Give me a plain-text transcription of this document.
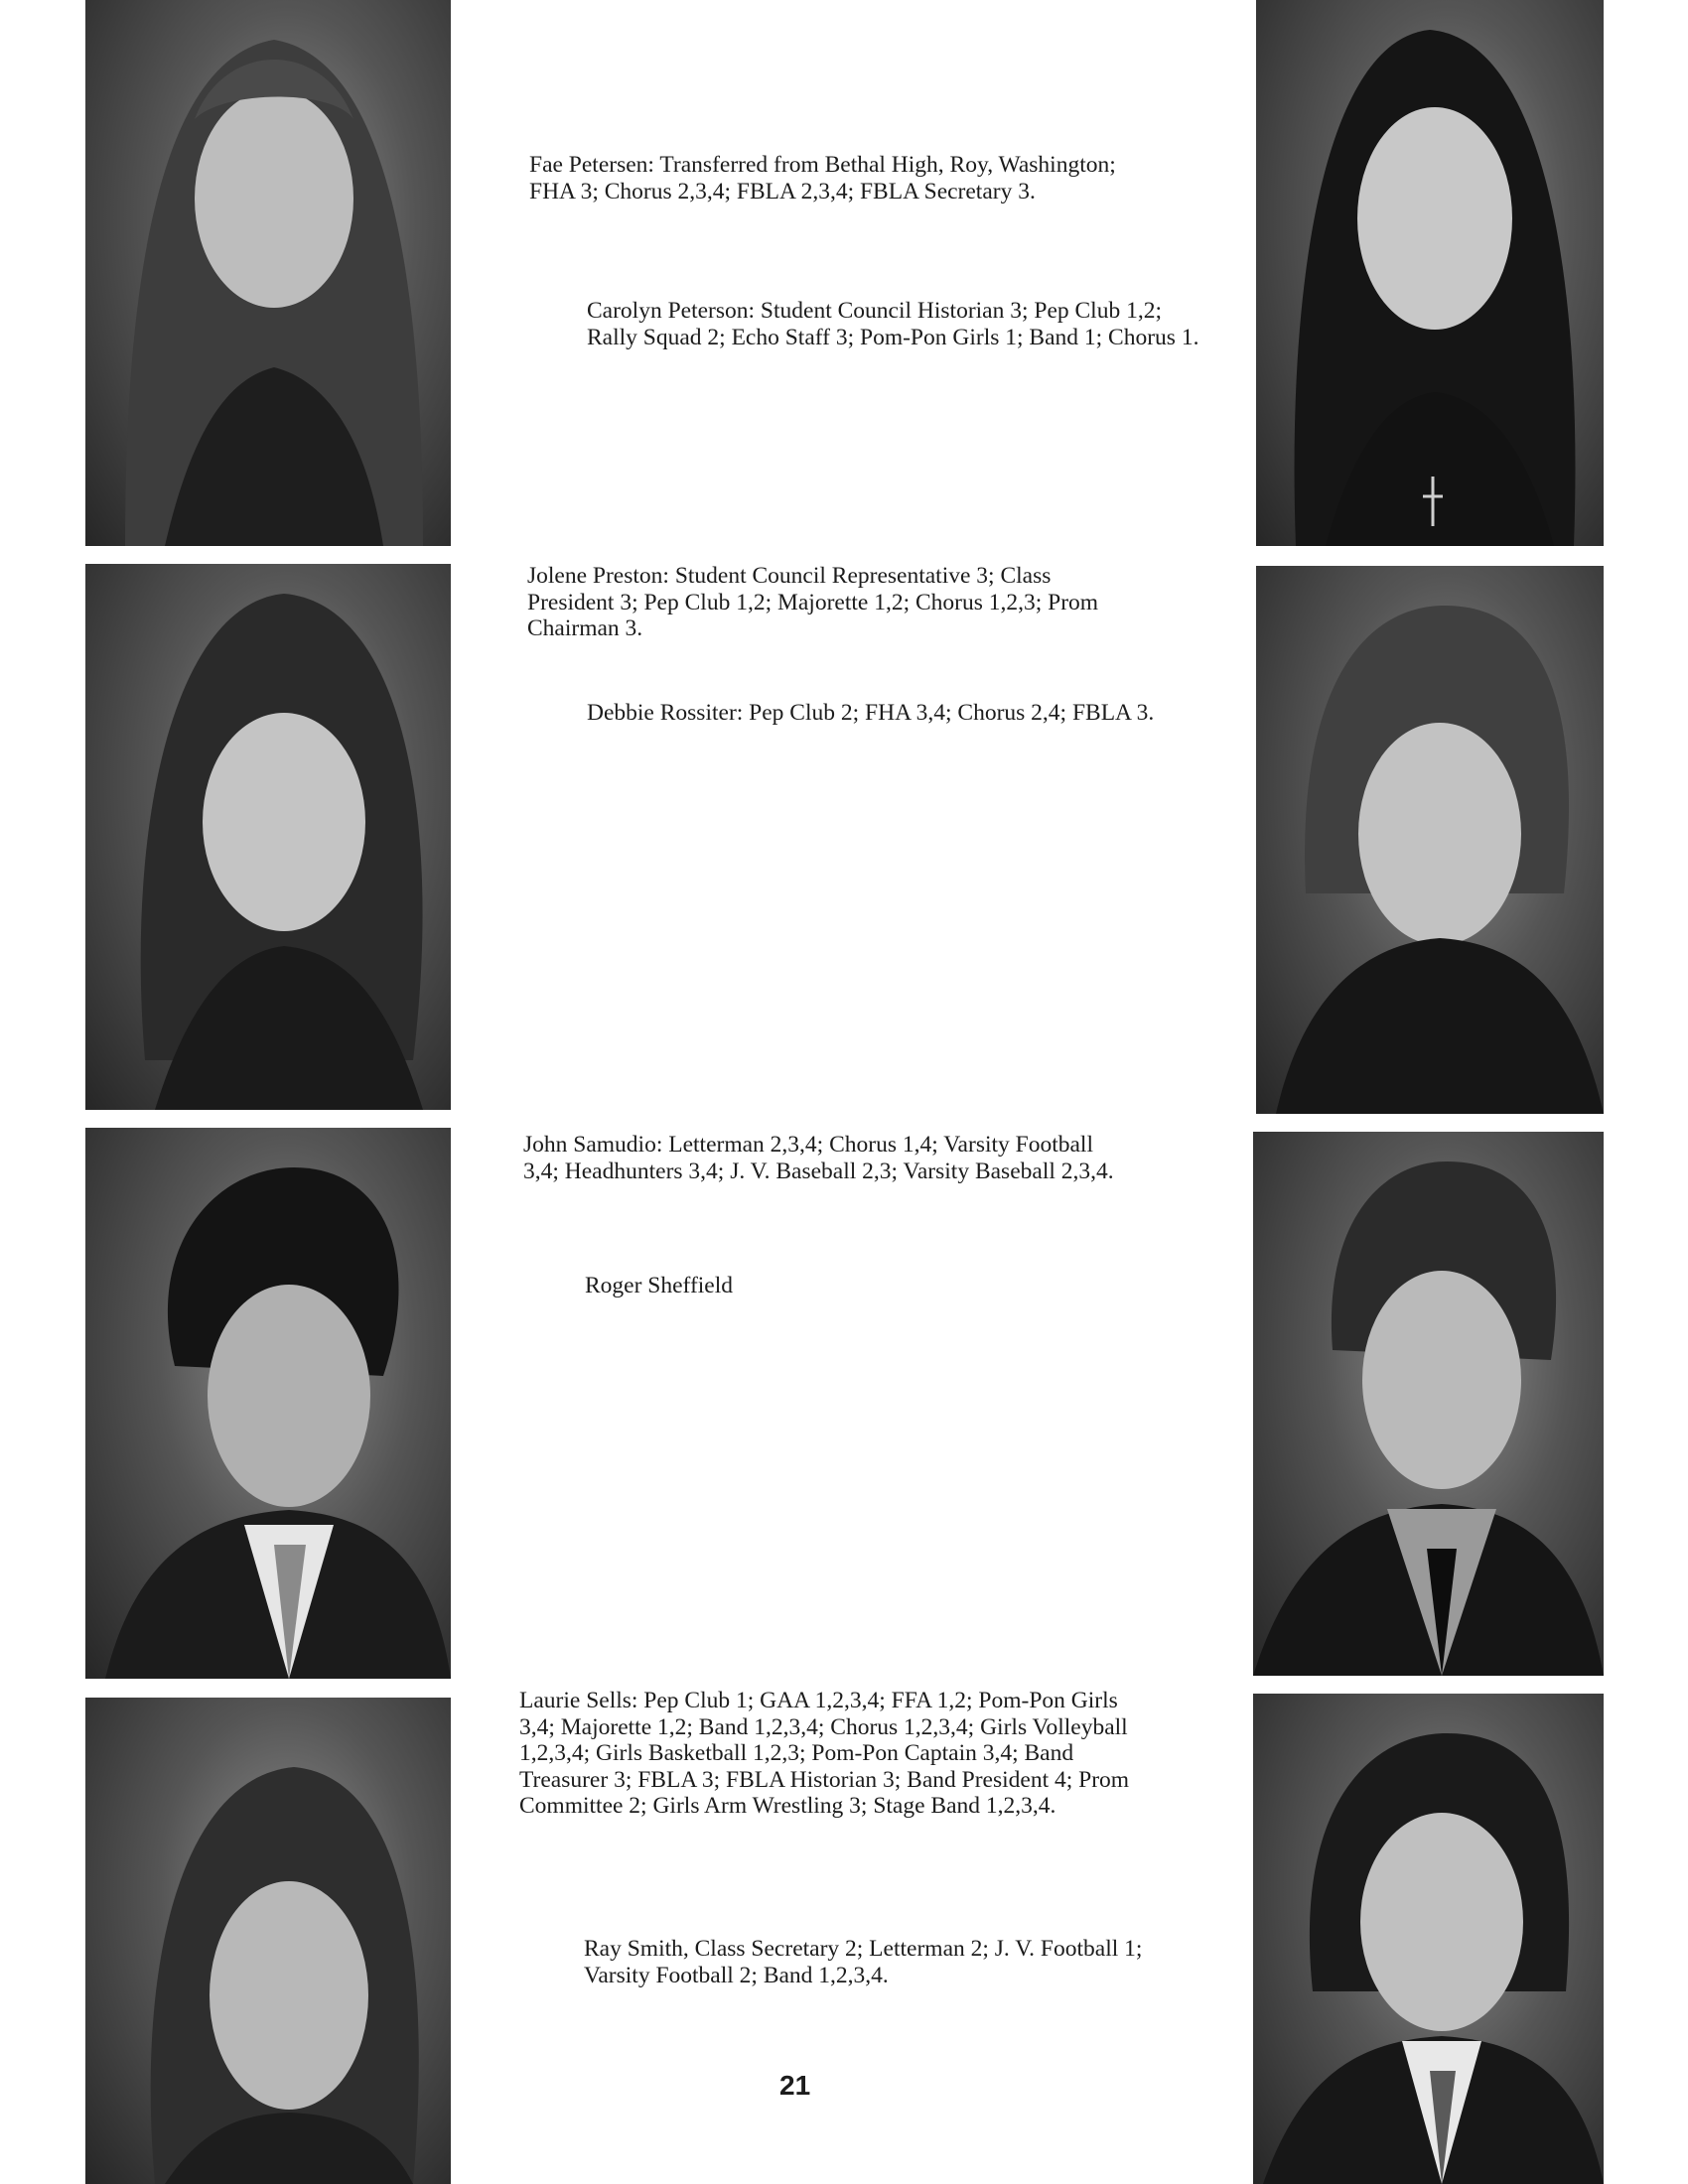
Fae Petersen: Transferred from Bethal High, Roy, Washington; FHA 3; Chorus 2,3,4; FBLA 2,3,4; FBLA Secretary 3.

Carolyn Peterson: Student Council Historian 3; Pep Club 1,2; Rally Squad 2; Echo Staff 3; Pom-Pon Girls 1; Band 1; Chorus 1.

Jolene Preston: Student Council Representative 3; Class President 3; Pep Club 1,2; Majorette 1,2; Chorus 1,2,3; Prom Chairman 3.

Debbie Rossiter: Pep Club 2; FHA 3,4; Chorus 2,4; FBLA 3.

John Samudio: Letterman 2,3,4; Chorus 1,4; Varsity Football 3,4; Headhunters 3,4; J. V. Baseball 2,3; Varsity Baseball 2,3,4.

Roger Sheffield

Laurie Sells: Pep Club 1; GAA 1,2,3,4; FFA 1,2; Pom-Pon Girls 3,4; Majorette 1,2; Band 1,2,3,4; Chorus 1,2,3,4; Girls Volleyball 1,2,3,4; Girls Basketball 1,2,3; Pom-Pon Captain 3,4; Band Treasurer 3; FBLA 3; FBLA Historian 3; Band President 4; Prom Committee 2; Girls Arm Wrestling 3; Stage Band 1,2,3,4.

Ray Smith, Class Secretary 2; Letterman 2; J. V. Football 1; Varsity Football 2; Band 1,2,3,4.

21
